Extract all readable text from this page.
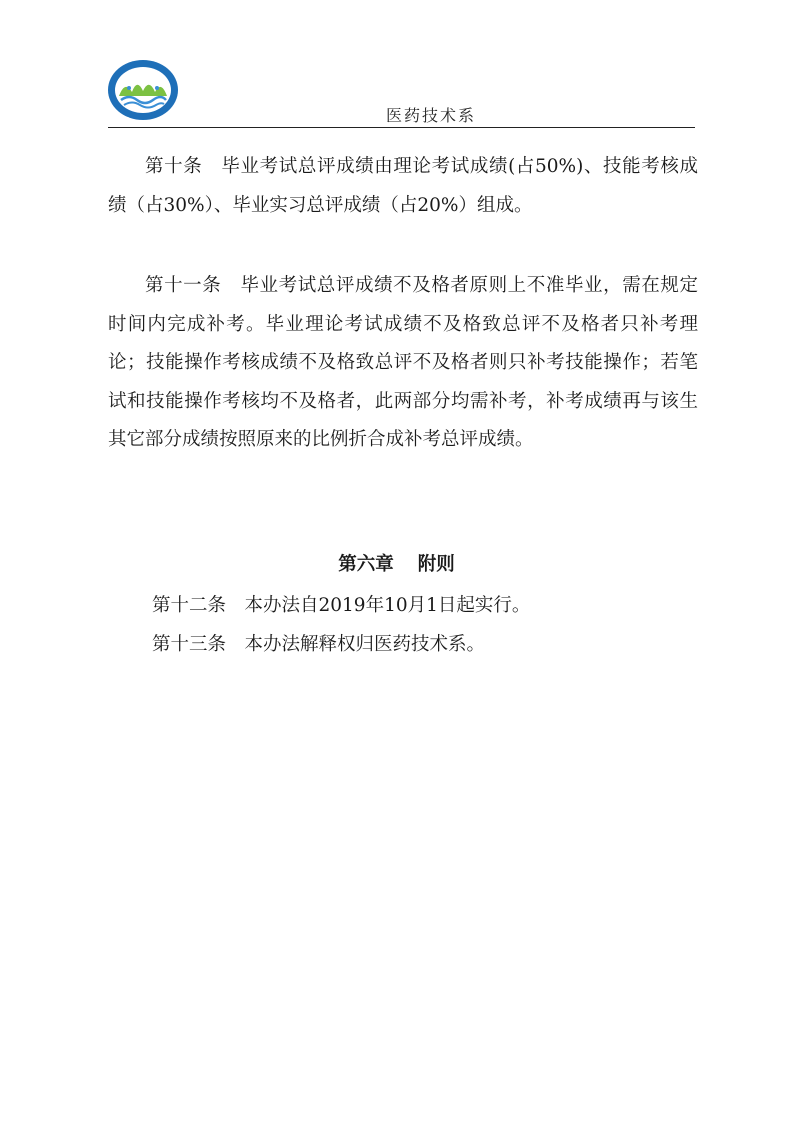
医药技术系

第十条　毕业考试总评成绩由理论考试成绩(占50%)、技能考核成绩（占30%）、毕业实习总评成绩（占20%）组成。

第十一条　毕业考试总评成绩不及格者原则上不准毕业，需在规定时间内完成补考。毕业理论考试成绩不及格致总评不及格者只补考理论；技能操作考核成绩不及格致总评不及格者则只补考技能操作；若笔试和技能操作考核均不及格者，此两部分均需补考，补考成绩再与该生其它部分成绩按照原来的比例折合成补考总评成绩。

第六章 附则
第十二条　本办法自2019年10月1日起实行。
第十三条　本办法解释权归医药技术系。
